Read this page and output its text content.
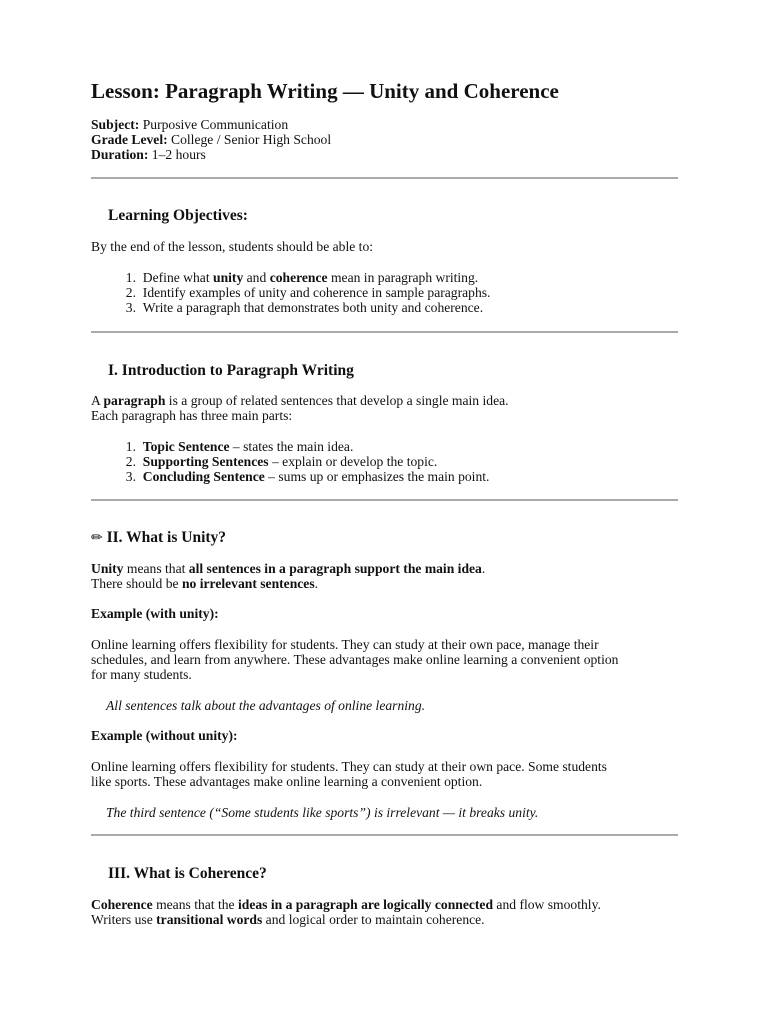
Lesson: Paragraph Writing — Unity and Coherence
Subject: Purposive Communication
Grade Level: College / Senior High School
Duration: 1–2 hours
Learning Objectives:
By the end of the lesson, students should be able to:
1. Define what unity and coherence mean in paragraph writing.
2. Identify examples of unity and coherence in sample paragraphs.
3. Write a paragraph that demonstrates both unity and coherence.
I. Introduction to Paragraph Writing
A paragraph is a group of related sentences that develop a single main idea.
Each paragraph has three main parts:
1. Topic Sentence – states the main idea.
2. Supporting Sentences – explain or develop the topic.
3. Concluding Sentence – sums up or emphasizes the main point.
✏ II. What is Unity?
Unity means that all sentences in a paragraph support the main idea.
There should be no irrelevant sentences.
Example (with unity):
Online learning offers flexibility for students. They can study at their own pace, manage their
schedules, and learn from anywhere. These advantages make online learning a convenient option
for many students.
All sentences talk about the advantages of online learning.
Example (without unity):
Online learning offers flexibility for students. They can study at their own pace. Some students
like sports. These advantages make online learning a convenient option.
The third sentence (“Some students like sports”) is irrelevant — it breaks unity.
III. What is Coherence?
Coherence means that the ideas in a paragraph are logically connected and flow smoothly.
Writers use transitional words and logical order to maintain coherence.
